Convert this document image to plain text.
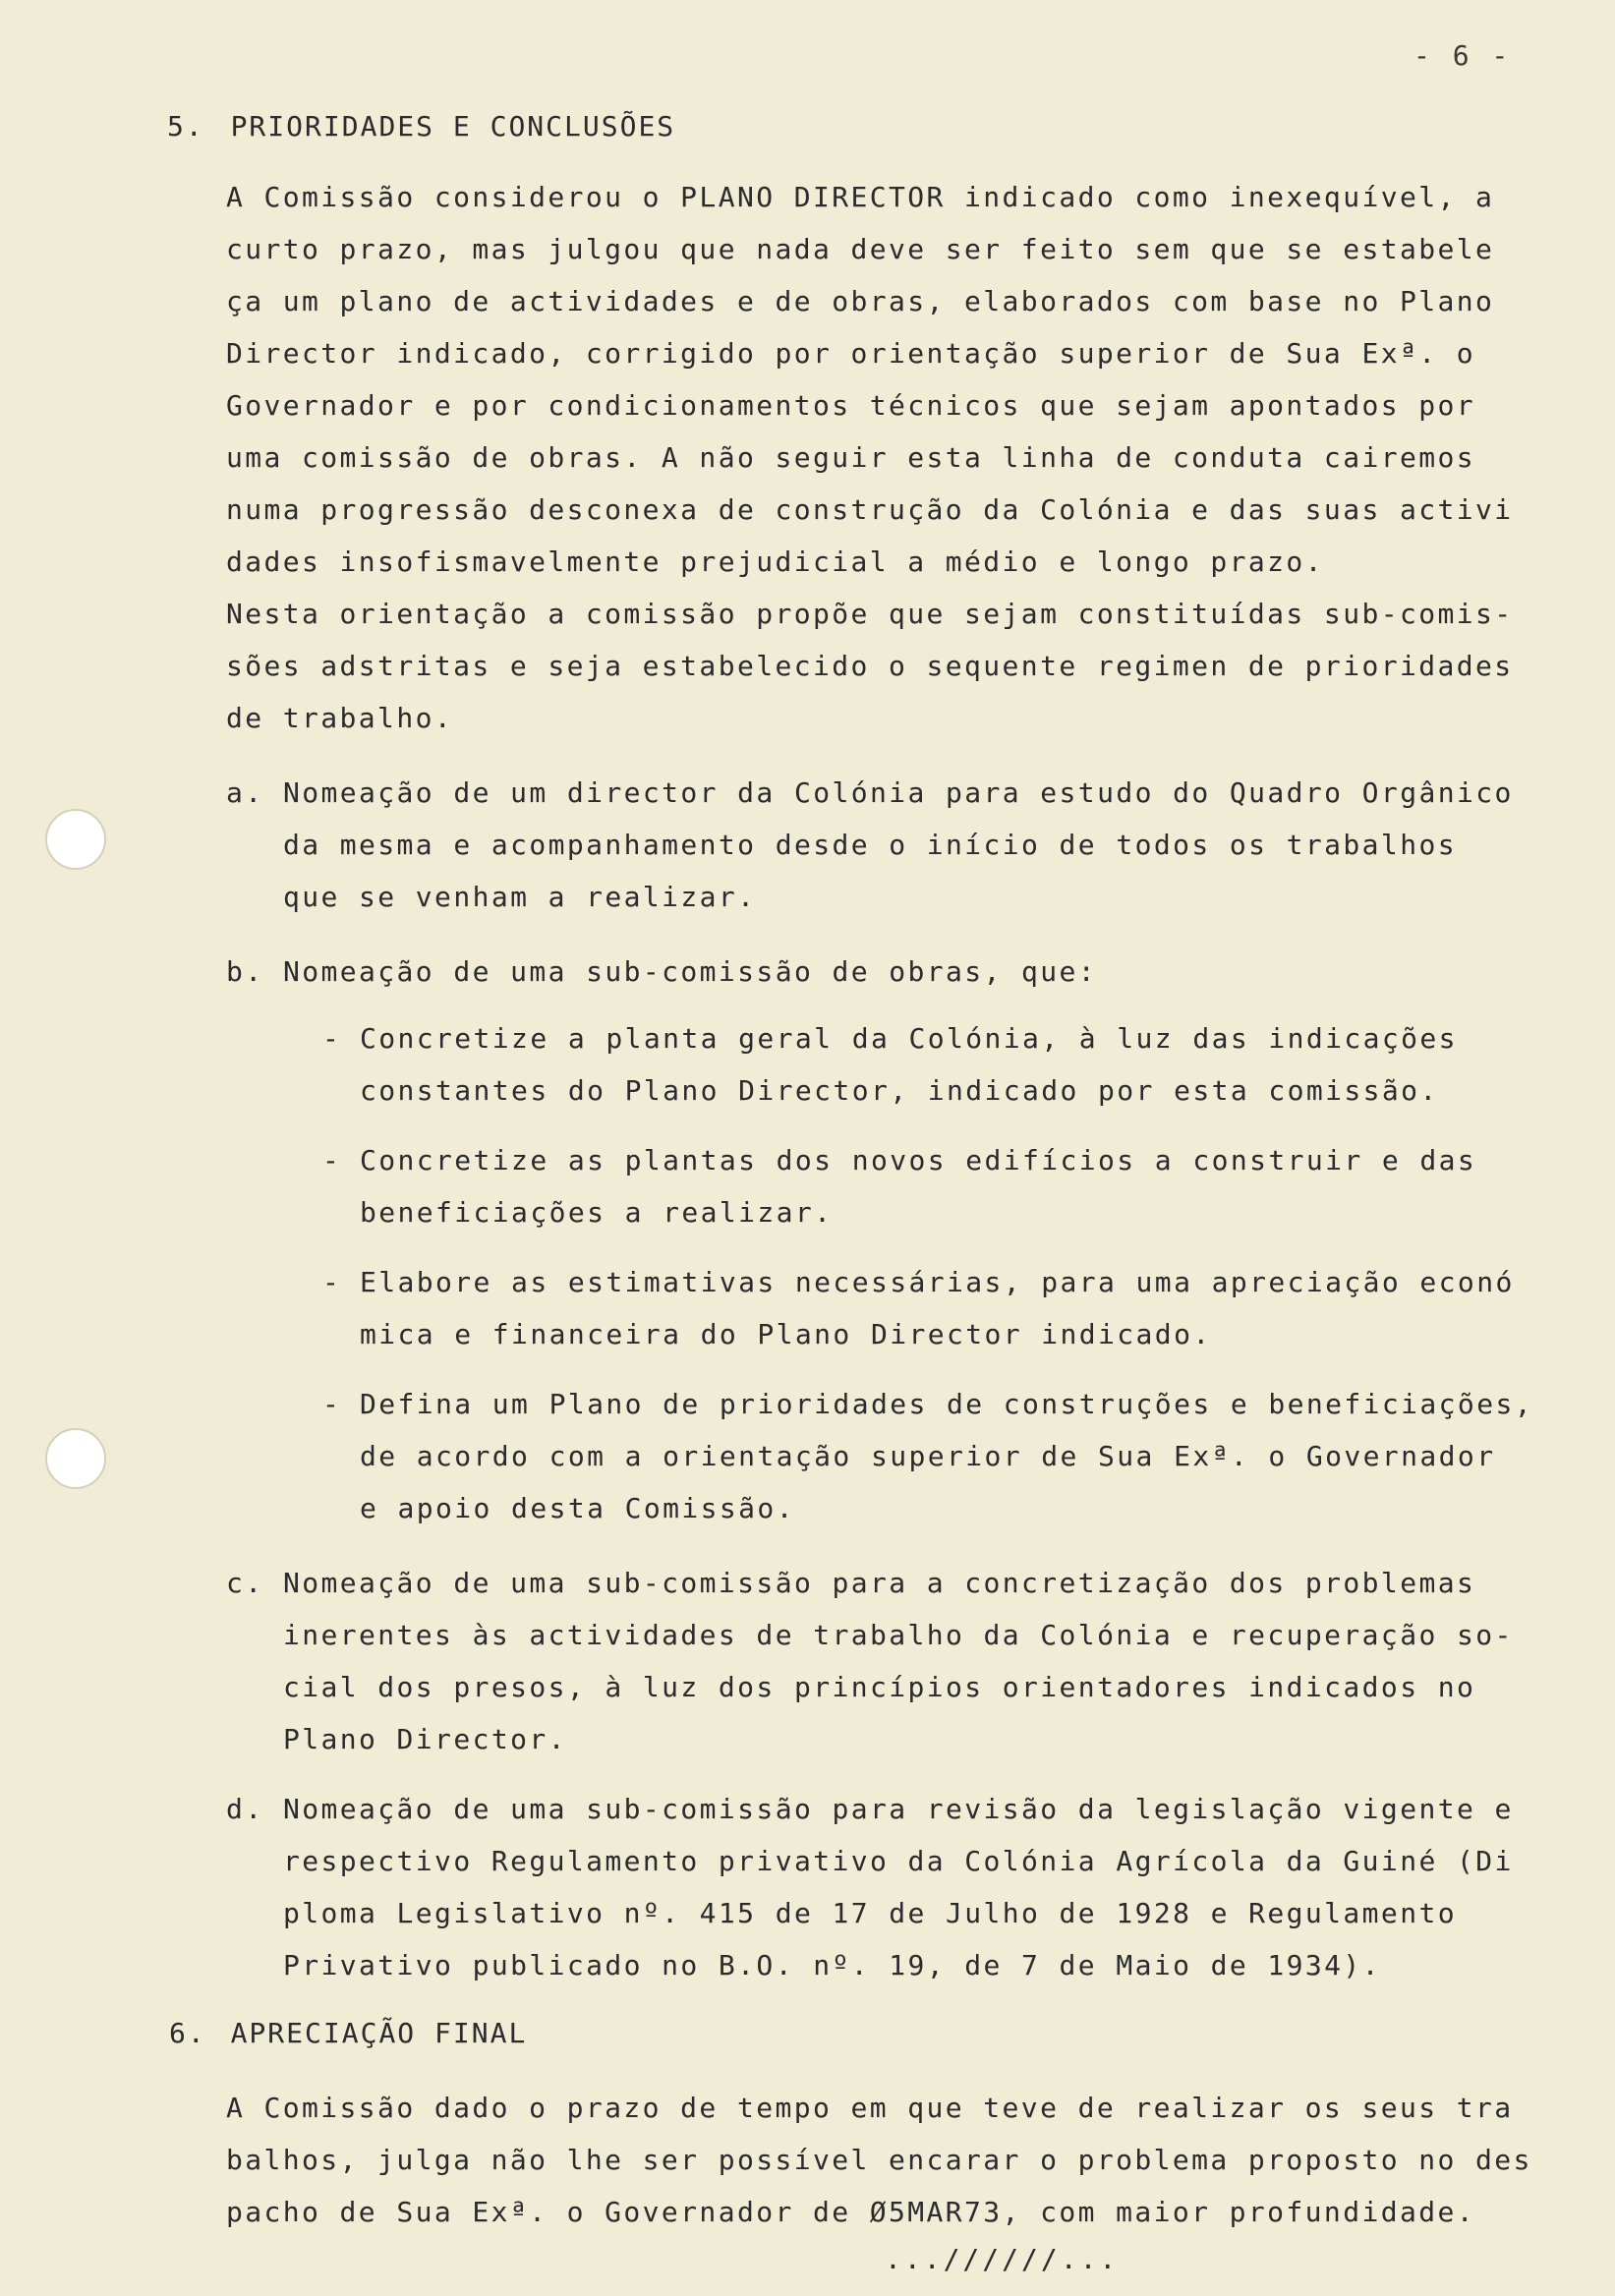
- 6 -
5. PRIORIDADES E CONCLUSÕES
A Comissão considerou o PLANO DIRECTOR indicado como inexequível, a
curto prazo, mas julgou que nada deve ser feito sem que se estabele
ça um plano de actividades e de obras, elaborados com base no Plano
Director indicado, corrigido por orientação superior de Sua Exª. o
Governador e por condicionamentos técnicos que sejam apontados por
uma comissão de obras. A não seguir esta linha de conduta cairemos
numa progressão desconexa de construção da Colónia e das suas activi
dades insofismavelmente prejudicial a médio e longo prazo.
Nesta orientação a comissão propõe que sejam constituídas sub-comis-
sões adstritas e seja estabelecido o sequente regimen de prioridades
de trabalho.
a. Nomeação de um director da Colónia para estudo do Quadro Orgânico
da mesma e acompanhamento desde o início de todos os trabalhos
que se venham a realizar.
b. Nomeação de uma sub-comissão de obras, que:
- Concretize a planta geral da Colónia, à luz das indicações
constantes do Plano Director, indicado por esta comissão.
- Concretize as plantas dos novos edifícios a construir e das
beneficiações a realizar.
- Elabore as estimativas necessárias, para uma apreciação econó
mica e financeira do Plano Director indicado.
- Defina um Plano de prioridades de construções e beneficiações,
de acordo com a orientação superior de Sua Exª. o Governador
e apoio desta Comissão.
c. Nomeação de uma sub-comissão para a concretização dos problemas
inerentes às actividades de trabalho da Colónia e recuperação so-
cial dos presos, à luz dos princípios orientadores indicados no
Plano Director.
d. Nomeação de uma sub-comissão para revisão da legislação vigente e
respectivo Regulamento privativo da Colónia Agrícola da Guiné (Di
ploma Legislativo nº. 415 de 17 de Julho de 1928 e Regulamento
Privativo publicado no B.O. nº. 19, de 7 de Maio de 1934).
6. APRECIAÇÃO FINAL
A Comissão dado o prazo de tempo em que teve de realizar os seus tra
balhos, julga não lhe ser possível encarar o problema proposto no des
pacho de Sua Exª. o Governador de Ø5MAR73, com maior profundidade.
...//////...
